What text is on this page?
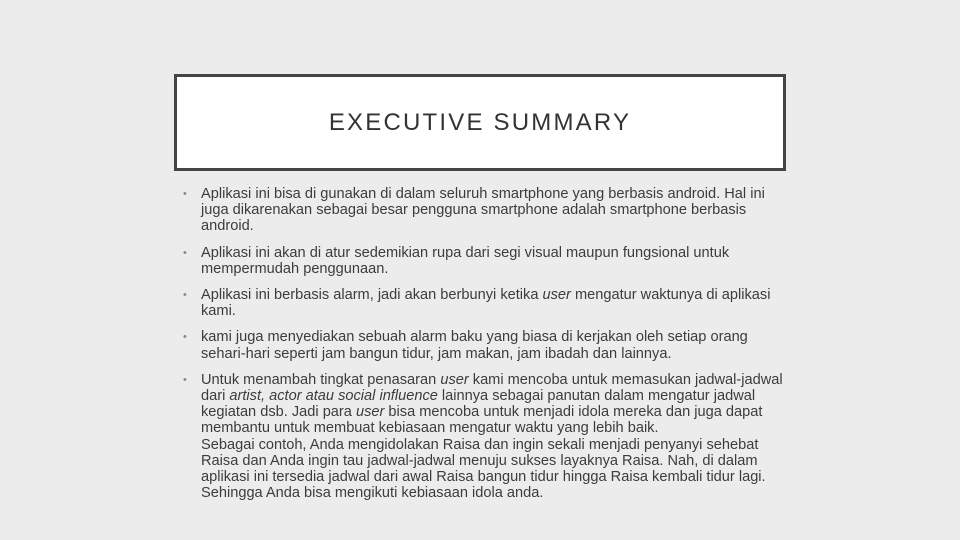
EXECUTIVE SUMMARY
• Aplikasi ini bisa di gunakan di dalam seluruh smartphone yang berbasis android. Hal ini juga dikarenakan sebagai besar pengguna smartphone adalah smartphone berbasis android.
• Aplikasi ini akan di atur sedemikian rupa dari segi visual maupun fungsional untuk mempermudah penggunaan.
• Aplikasi ini berbasis alarm, jadi akan berbunyi ketika user mengatur waktunya di aplikasi kami.
• kami juga menyediakan sebuah alarm baku yang biasa di kerjakan oleh setiap orang sehari-hari seperti jam bangun tidur, jam makan, jam ibadah dan lainnya.
• Untuk menambah tingkat penasaran user kami mencoba untuk memasukan jadwal-jadwal dari artist, actor atau social influence lainnya sebagai panutan dalam mengatur jadwal kegiatan dsb. Jadi para user bisa mencoba untuk menjadi idola mereka dan juga dapat membantu untuk membuat kebiasaan mengatur waktu yang lebih baik.
Sebagai contoh, Anda mengidolakan Raisa dan ingin sekali menjadi penyanyi sehebat Raisa dan Anda ingin tau jadwal-jadwal menuju sukses layaknya Raisa. Nah, di dalam aplikasi ini tersedia jadwal dari awal Raisa bangun tidur hingga Raisa kembali tidur lagi. Sehingga Anda bisa mengikuti kebiasaan idola anda.
